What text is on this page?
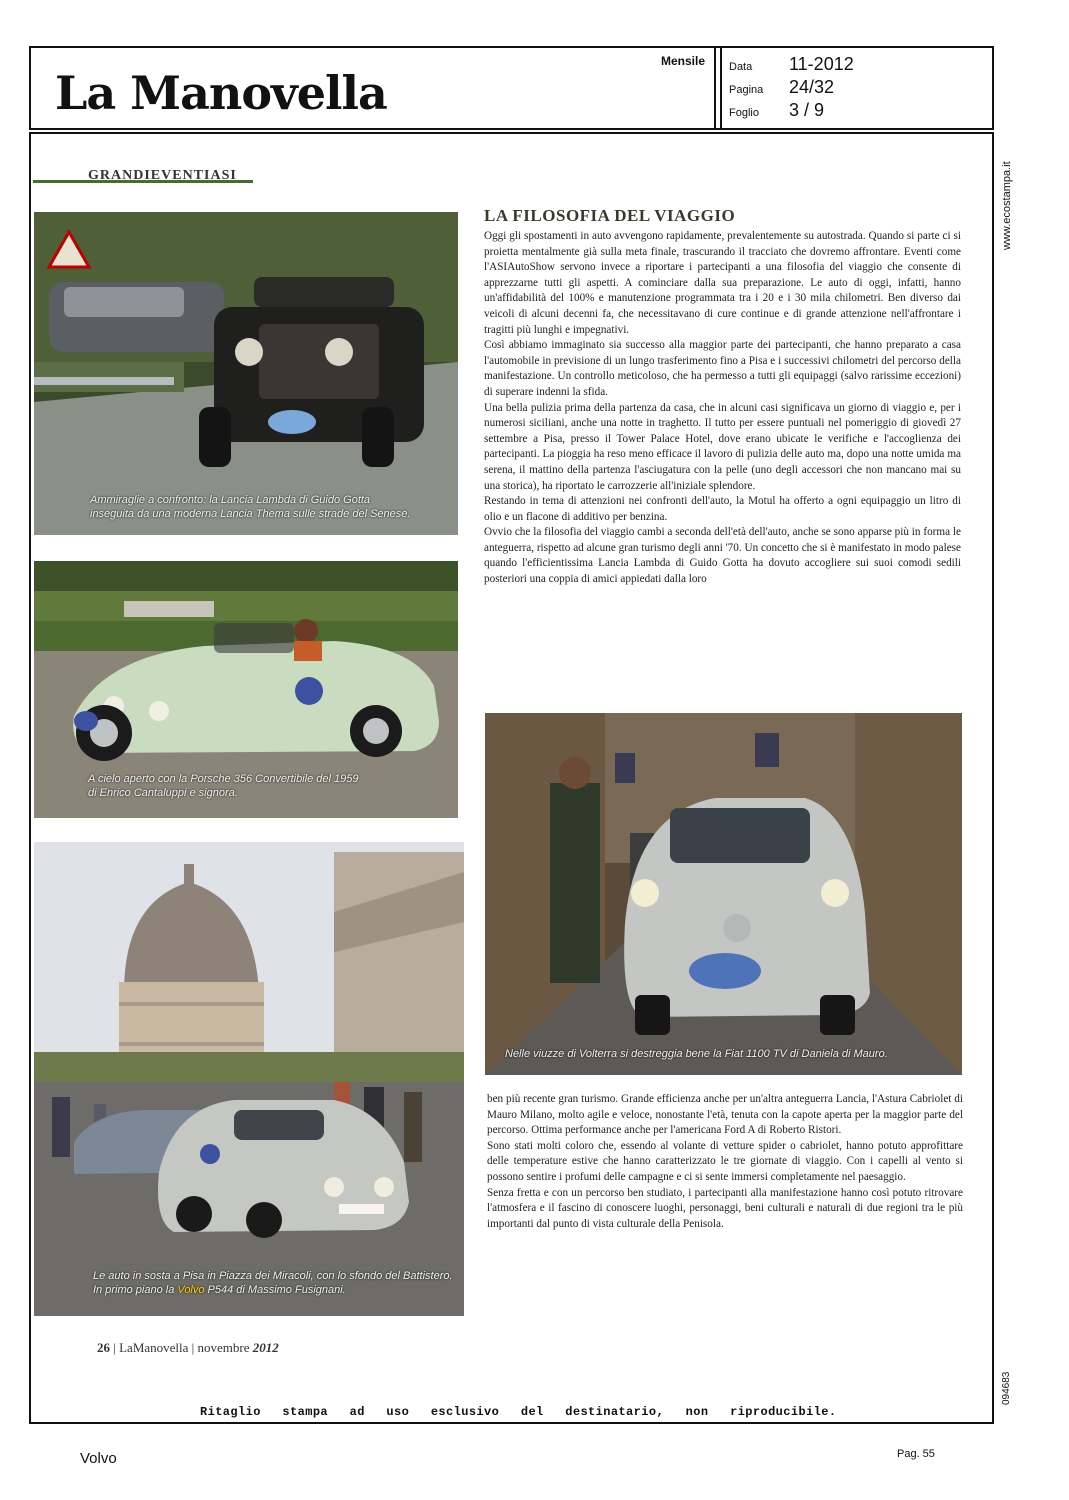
La Manovella
Mensile Data	11-2012
Pagina	24/32
Foglio	3 / 9
www.ecostampa.it
094683
GRANDIEVENTIASI
Ammiraglie a confronto: la Lancia Lambda di Guido Gotta
inseguita da una moderna Lancia Thema sulle strade del Senese.
A cielo aperto con la Porsche 356 Convertibile del 1959
di Enrico Cantaluppi e signora.
Le auto in sosta a Pisa in Piazza dei Miracoli, con lo sfondo del Battistero.
In primo piano la Volvo P544 di Massimo Fusignani.
Nelle viuzze di Volterra si destreggia bene la Fiat 1100 TV di Daniela di Mauro.
LA FILOSOFIA DEL VIAGGIO

Oggi gli spostamenti in auto avvengono rapidamente, prevalentemente su autostrada. Quando si parte ci si proietta mentalmente già sulla meta finale, trascurando il tracciato che dovremo affrontare. Eventi come l'ASIAutoShow servono invece a riportare i partecipanti a una filosofia del viaggio che consente di apprezzarne tutti gli aspetti. A cominciare dalla sua preparazione. Le auto di oggi, infatti, hanno un'affidabilità del 100% e manutenzione programmata tra i 20 e i 30 mila chilometri. Ben diverso dai veicoli di alcuni decenni fa, che necessitavano di cure continue e di grande attenzione nell'affrontare i tragitti più lunghi e impegnativi.

Così abbiamo immaginato sia successo alla maggior parte dei partecipanti, che hanno preparato a casa l'automobile in previsione di un lungo trasferimento fino a Pisa e i successivi chilometri del percorso della manifestazione. Un controllo meticoloso, che ha permesso a tutti gli equipaggi (salvo rarissime eccezioni) di superare indenni la sfida.

Una bella pulizia prima della partenza da casa, che in alcuni casi significava un giorno di viaggio e, per i numerosi siciliani, anche una notte in traghetto. Il tutto per essere puntuali nel pomeriggio di giovedì 27 settembre a Pisa, presso il Tower Palace Hotel, dove erano ubicate le verifiche e l'accoglienza dei partecipanti. La pioggia ha reso meno efficace il lavoro di pulizia delle auto ma, dopo una notte umida ma serena, il mattino della partenza l'asciugatura con la pelle (uno degli accessori che non mancano mai su una storica), ha riportato le carrozzerie all'iniziale splendore.

Restando in tema di attenzioni nei confronti dell'auto, la Motul ha offerto a ogni equipaggio un litro di olio e un flacone di additivo per benzina.

Ovvio che la filosofia del viaggio cambi a seconda dell'età dell'auto, anche se sono apparse più in forma le anteguerra, rispetto ad alcune gran turismo degli anni '70. Un concetto che si è manifestato in modo palese quando l'efficientissima Lancia Lambda di Guido Gotta ha dovuto accogliere sui suoi comodi sedili posteriori una coppia di amici appiedati dalla loro

ben più recente gran turismo. Grande efficienza anche per un'altra anteguerra Lancia, l'Astura Cabriolet di Mauro Milano, molto agile e veloce, nonostante l'età, tenuta con la capote aperta per la maggior parte del percorso. Ottima performance anche per l'americana Ford A di Roberto Ristori.

Sono stati molti coloro che, essendo al volante di vetture spider o cabriolet, hanno potuto approfittare delle temperature estive che hanno caratterizzato le tre giornate di viaggio. Con i capelli al vento si possono sentire i profumi delle campagne e ci si sente immersi completamente nel paesaggio.

Senza fretta e con un percorso ben studiato, i partecipanti alla manifestazione hanno così potuto ritrovare l'atmosfera e il fascino di conoscere luoghi, personaggi, beni culturali e naturali di due regioni tra le più importanti dal punto di vista culturale della Penisola.

26 | LaManovella | novembre 2012
Ritaglio stampa ad uso esclusivo del destinatario, non riproducibile.
Volvo	Pag. 55
